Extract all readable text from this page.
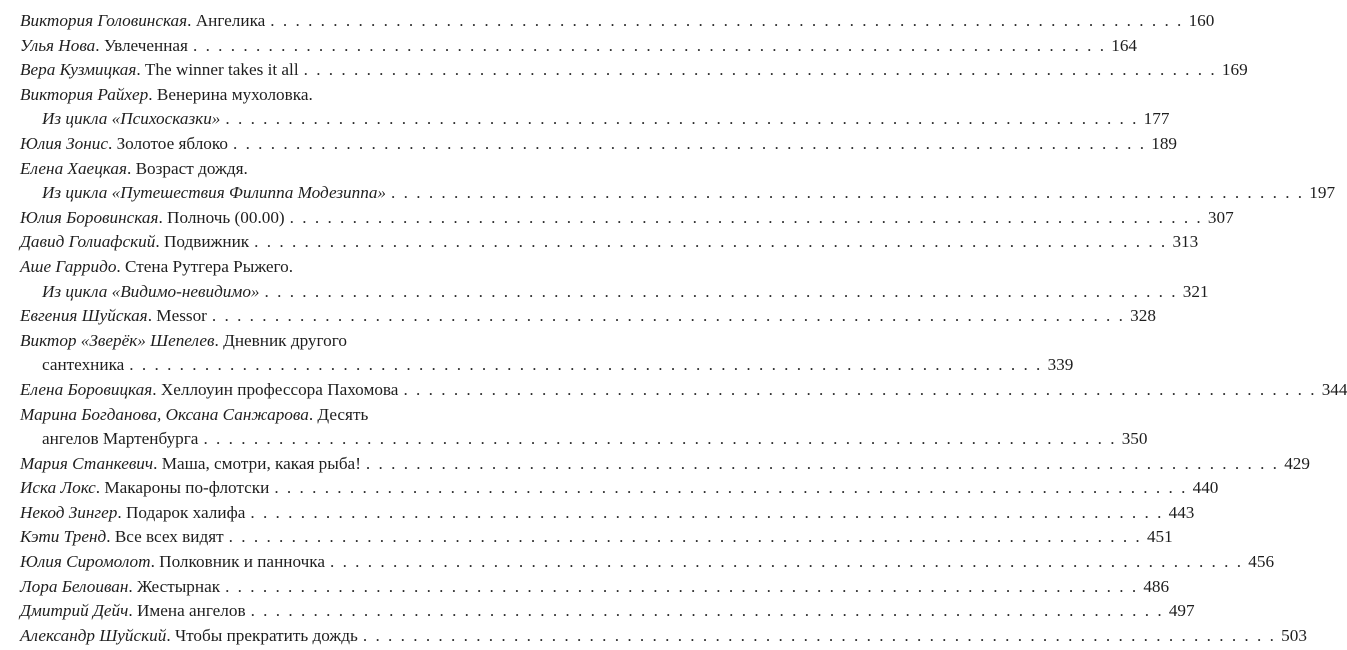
Виктория Головинская. Ангелика . . .	160
Улья Нова. Увлеченная . . .	164
Вера Кузмицкая. The winner takes it all . . .	169
Виктория Райхер. Венерина мухоловка.
Из цикла «Психосказки» . . .	177
Юлия Зонис. Золотое яблоко . . .	189
Елена Хаецкая. Возраст дождя.
Из цикла «Путешествия Филиппа Модезиппа» . . .	197
Юлия Боровинская. Полночь (00.00) . . .	307
Давид Голиафский. Подвижник . . .	313
Аше Гарридо. Стена Рутгера Рыжего.
Из цикла «Видимо-невидимо» . . .	321
Евгения Шуйская. Messor . . .	328
Виктор «Зверёк» Шепелев. Дневник другого
сантехника . . .	339
Елена Боровицкая. Хеллоуин профессора Пахомова . . .	344
Марина Богданова, Оксана Санжарова. Десять
ангелов Мартенбурга . . .	350
Мария Станкевич. Маша, смотри, какая рыба! . . .	429
Иска Локс. Макароны по-флотски . . .	440
Некод Зингер. Подарок халифа . . .	443
Кэти Тренд. Все всех видят . . .	451
Юлия Сиромолот. Полковник и панночка . . .	456
Лора Белоиван. Жестырнак . . .	486
Дмитрий Дейч. Имена ангелов . . .	497
Александр Шуйский. Чтобы прекратить дождь . . .	503
